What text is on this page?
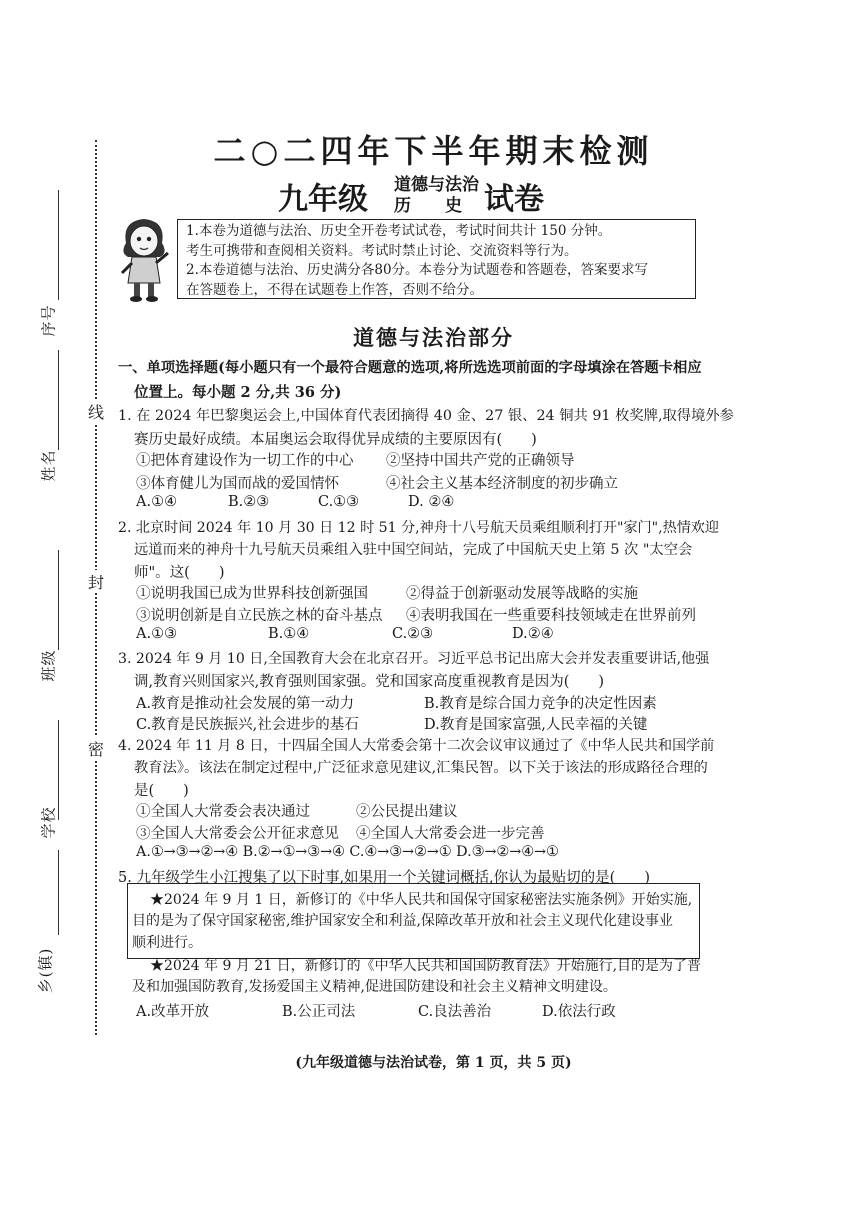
序号
姓名
班级
学校
乡(镇)
线
封
密
二○二四年下半年期末检测
九年级 道德与法治
历　　史 试卷

1.本卷为道德与法治、历史全开卷考试试卷，考试时间共计 150 分钟。

考生可携带和查阅相关资料。考试时禁止讨论、交流资料等行为。

2.本卷道德与法治、历史满分各80分。本卷分为试题卷和答题卷，答案要求写

在答题卷上，不得在试题卷上作答，否则不给分。

道德与法治部分
一、单项选择题(每小题只有一个最符合题意的选项,将所选选项前面的字母填涂在答题卡相应
位置上。每小题 2 分,共 36 分)
1. 在 2024 年巴黎奥运会上,中国体育代表团摘得 40 金、27 银、24 铜共 91 枚奖牌,取得境外参
赛历史最好成绩。本届奥运会取得优异成绩的主要原因有(　　)
①把体育建设作为一切工作的中心 ②坚持中国共产党的正确领导
③体育健儿为国而战的爱国情怀	④社会主义基本经济制度的初步确立
A.①④	B.②③	C.①③	D. ②④
2. 北京时间 2024 年 10 月 30 日 12 时 51 分,神舟十八号航天员乘组顺利打开"家门",热情欢迎
远道而来的神舟十九号航天员乘组入驻中国空间站，完成了中国航天史上第 5 次 "太空会
师"。这(　　)
①说明我国已成为世界科技创新强国	②得益于创新驱动发展等战略的实施
③说明创新是自立民族之林的奋斗基点 ④表明我国在一些重要科技领域走在世界前列
A.①③	B.①④	C.②③	D.②④
3. 2024 年 9 月 10 日,全国教育大会在北京召开。习近平总书记出席大会并发表重要讲话,他强
调,教育兴则国家兴,教育强则国家强。党和国家高度重视教育是因为(　　)
A.教育是推动社会发展的第一动力	B.教育是综合国力竞争的决定性因素
C.教育是民族振兴,社会进步的基石	D.教育是国家富强,人民幸福的关键
4. 2024 年 11 月 8 日，十四届全国人大常委会第十二次会议审议通过了《中华人民共和国学前
教育法》。该法在制定过程中,广泛征求意见建议,汇集民智。以下关于该法的形成路径合理的
是(　　)
①全国人大常委会表决通过	②公民提出建议
③全国人大常委会公开征求意见 ④全国人大常委会进一步完善
A.①→③→②→④ B.②→①→③→④ C.④→③→②→① D.③→②→④→①
5. 九年级学生小江搜集了以下时事,如果用一个关键词概括,你认为最贴切的是(　　)
★2024 年 9 月 1 日，新修订的《中华人民共和国保守国家秘密法实施条例》开始实施,
目的是为了保守国家秘密,维护国家安全和利益,保障改革开放和社会主义现代化建设事业
顺利进行。
★2024 年 9 月 21 日，新修订的《中华人民共和国国防教育法》开始施行,目的是为了普
及和加强国防教育,发扬爱国主义精神,促进国防建设和社会主义精神文明建设。
A.改革开放	B.公正司法	C.良法善治	D.依法行政
(九年级道德与法治试卷，第 1 页，共 5 页)
